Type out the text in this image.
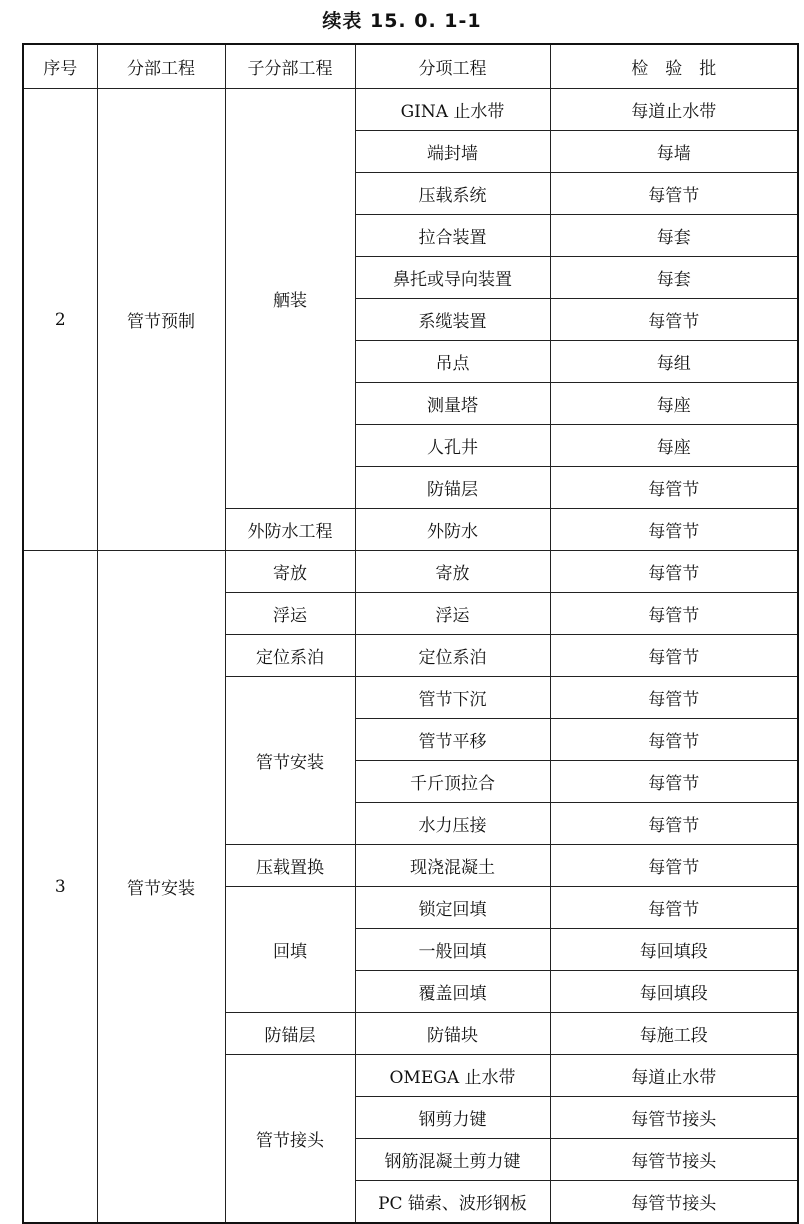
续表 15. 0. 1-1
序号	分部工程	子分部工程	分项工程	检　验　批
2	管节预制	舾装	GINA 止水带	每道止水带
			端封墙	每墙
			压载系统	每管节
			拉合装置	每套
			鼻托或导向装置	每套
			系缆装置	每管节
			吊点	每组
			测量塔	每座
			人孔井	每座
			防锚层	每管节
		外防水工程	外防水	每管节
3	管节安装	寄放	寄放	每管节
		浮运	浮运	每管节
		定位系泊	定位系泊	每管节
		管节安装	管节下沉	每管节
			管节平移	每管节
			千斤顶拉合	每管节
			水力压接	每管节
		压载置换	现浇混凝土	每管节
		回填	锁定回填	每管节
			一般回填	每回填段
			覆盖回填	每回填段
		防锚层	防锚块	每施工段
		管节接头	OMEGA 止水带	每道止水带
			钢剪力键	每管节接头
			钢筋混凝土剪力键	每管节接头
			PC 锚索、波形钢板	每管节接头
